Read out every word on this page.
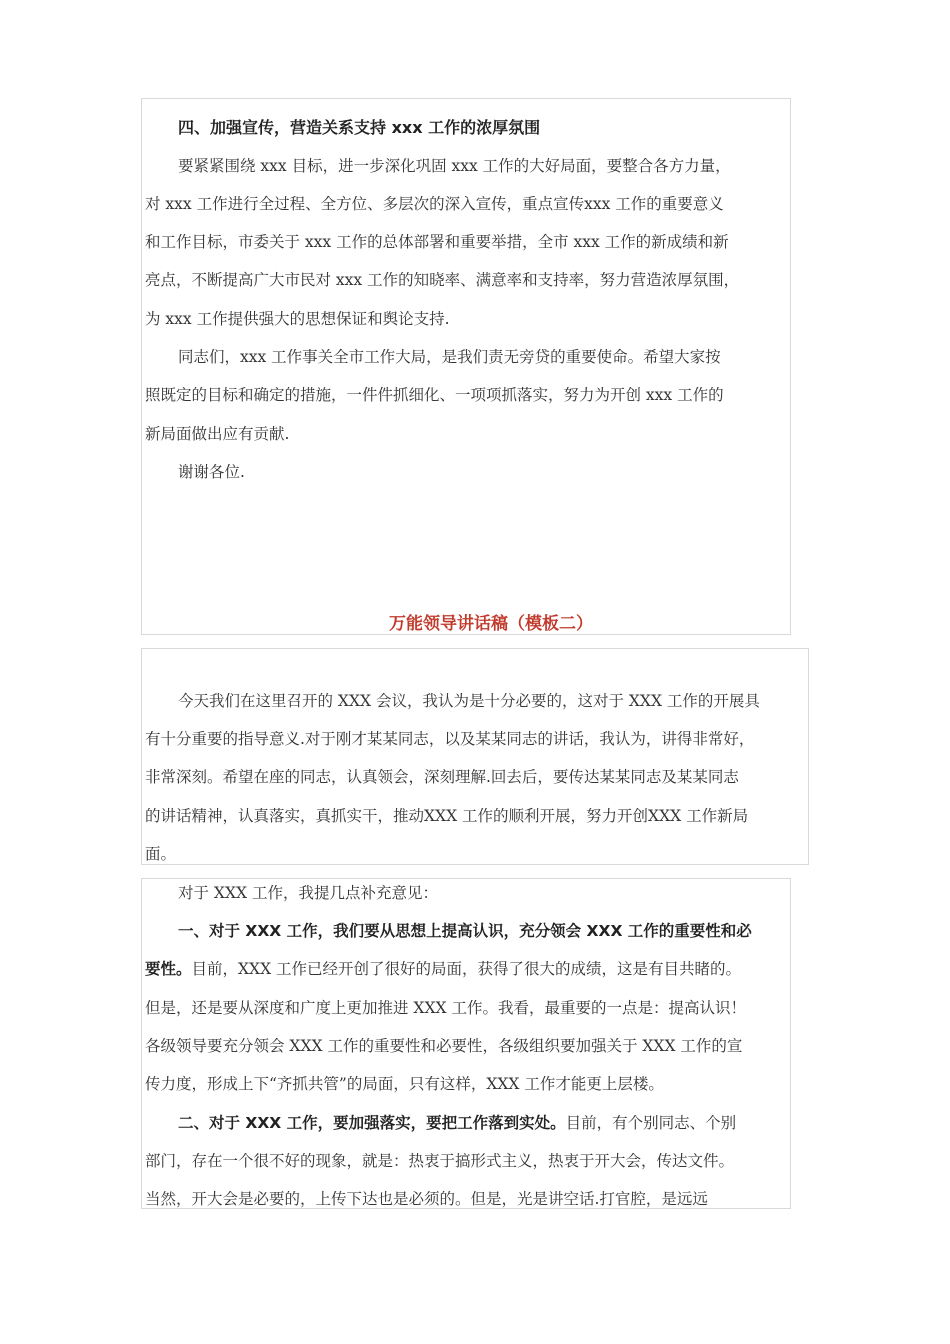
四、加强宣传，营造关系支持 xxx 工作的浓厚氛围
要紧紧围绕 xxx 目标，进一步深化巩固 xxx 工作的大好局面，要整合各方力量，
对 xxx 工作进行全过程、全方位、多层次的深入宣传，重点宣传xxx 工作的重要意义
和工作目标，市委关于 xxx 工作的总体部署和重要举措，全市 xxx 工作的新成绩和新
亮点，不断提高广大市民对 xxx 工作的知晓率、满意率和支持率，努力营造浓厚氛围，
为 xxx 工作提供强大的思想保证和舆论支持.
同志们，xxx 工作事关全市工作大局，是我们责无旁贷的重要使命。希望大家按
照既定的目标和确定的措施，一件件抓细化、一项项抓落实，努力为开创 xxx 工作的
新局面做出应有贡献.
谢谢各位.
万能领导讲话稿（模板二）
今天我们在这里召开的 XXX 会议，我认为是十分必要的，这对于 XXX 工作的开展具
有十分重要的指导意义.对于刚才某某同志，以及某某同志的讲话，我认为，讲得非常好，
非常深刻。希望在座的同志，认真领会，深刻理解.回去后，要传达某某同志及某某同志
的讲话精神，认真落实，真抓实干，推动XXX 工作的顺利开展，努力开创XXX 工作新局
面。
对于 XXX 工作，我提几点补充意见：
一、对于 XXX 工作，我们要从思想上提高认识，充分领会 XXX 工作的重要性和必
要性。目前，XXX 工作已经开创了很好的局面，获得了很大的成绩，这是有目共睹的。
但是，还是要从深度和广度上更加推进 XXX 工作。我看，最重要的一点是：提高认识！
各级领导要充分领会 XXX 工作的重要性和必要性，各级组织要加强关于 XXX 工作的宣
传力度，形成上下“齐抓共管”的局面，只有这样，XXX 工作才能更上层楼。
二、对于 XXX 工作，要加强落实，要把工作落到实处。目前，有个别同志、个别
部门，存在一个很不好的现象，就是：热衷于搞形式主义，热衷于开大会，传达文件。
当然，开大会是必要的，上传下达也是必须的。但是，光是讲空话.打官腔，是远远
